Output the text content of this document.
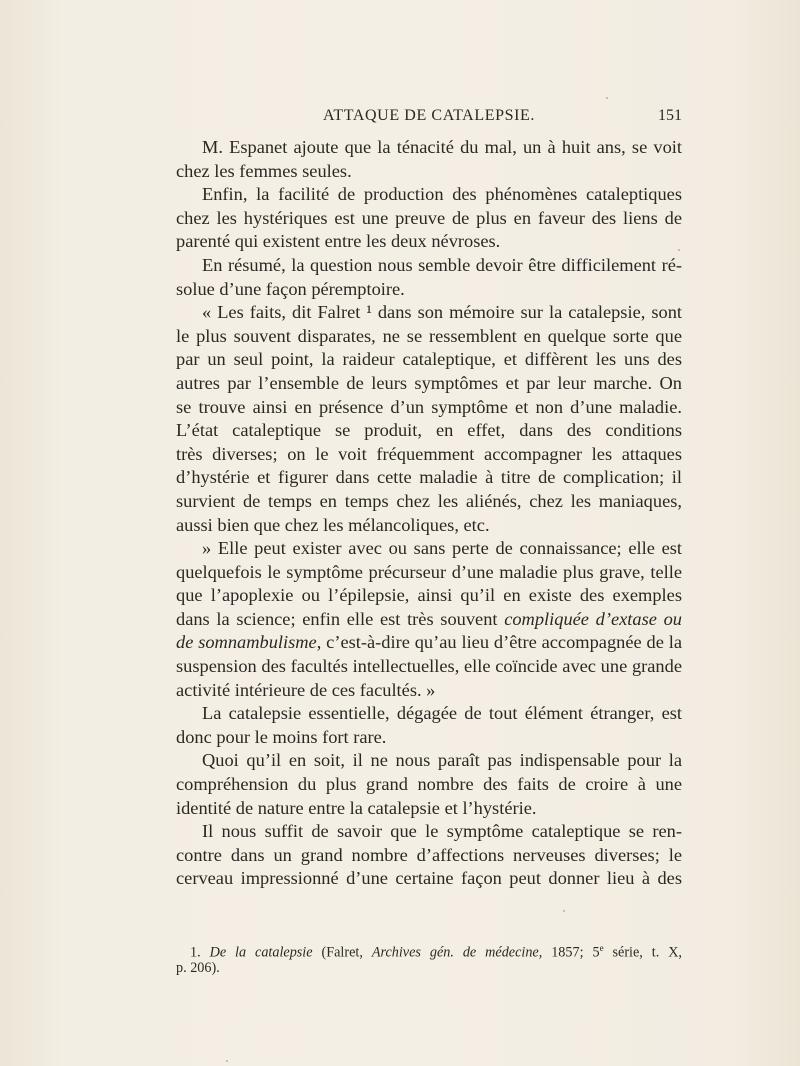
ATTAQUE DE CATALEPSIE.	151
M. Espanet ajoute que la ténacité du mal, un à huit ans, se voit
chez les femmes seules.
Enfin, la facilité de production des phénomènes cataleptiques
chez les hystériques est une preuve de plus en faveur des liens de
parenté qui existent entre les deux névroses.
En résumé, la question nous semble devoir être difficilement ré-
solue d’une façon péremptoire.
« Les faits, dit Falret ¹ dans son mémoire sur la catalepsie, sont
le plus souvent disparates, ne se ressemblent en quelque sorte que
par un seul point, la raideur cataleptique, et diffèrent les uns des
autres par l’ensemble de leurs symptômes et par leur marche. On
se trouve ainsi en présence d’un symptôme et non d’une maladie.
L’état cataleptique se produit, en effet, dans des conditions
très diverses; on le voit fréquemment accompagner les attaques
d’hystérie et figurer dans cette maladie à titre de complication; il
survient de temps en temps chez les aliénés, chez les maniaques,
aussi bien que chez les mélancoliques, etc.
» Elle peut exister avec ou sans perte de connaissance; elle est
quelquefois le symptôme précurseur d’une maladie plus grave, telle
que l’apoplexie ou l’épilepsie, ainsi qu’il en existe des exemples
dans la science; enfin elle est très souvent compliquée d’extase ou
de somnambulisme, c’est-à-dire qu’au lieu d’être accompagnée de la
suspension des facultés intellectuelles, elle coïncide avec une grande
activité intérieure de ces facultés. »
La catalepsie essentielle, dégagée de tout élément étranger, est
donc pour le moins fort rare.
Quoi qu’il en soit, il ne nous paraît pas indispensable pour la
compréhension du plus grand nombre des faits de croire à une
identité de nature entre la catalepsie et l’hystérie.
Il nous suffit de savoir que le symptôme cataleptique se ren-
contre dans un grand nombre d’affections nerveuses diverses; le
cerveau impressionné d’une certaine façon peut donner lieu à des
1. De la catalepsie (Falret, Archives gén. de médecine, 1857; 5e série, t. X,
p. 206).
